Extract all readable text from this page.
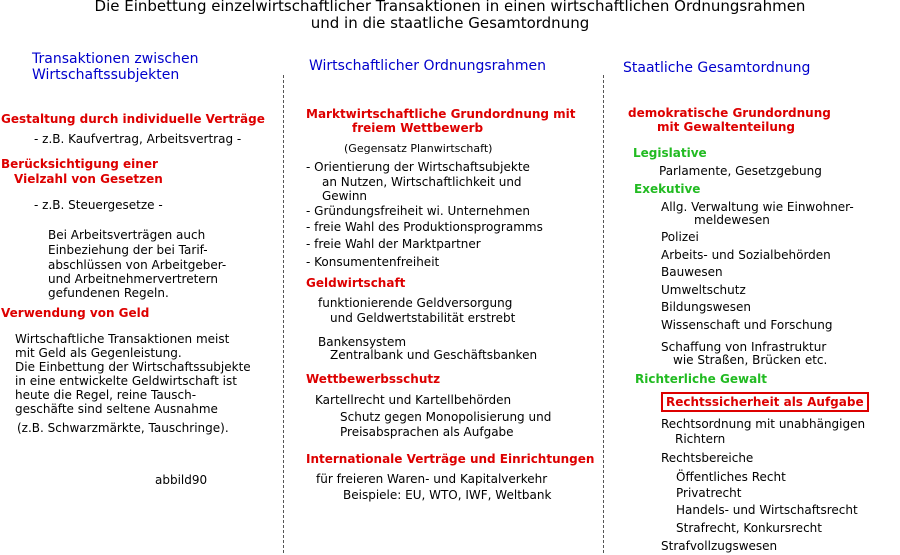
Die Einbettung einzelwirtschaftlicher Transaktionen in einen wirtschaftlichen Ordnungsrahmen
und in die staatliche Gesamtordnung
Transaktionen zwischen
Wirtschaftssubjekten
Gestaltung durch individuelle Verträge
- z.B. Kaufvertrag, Arbeitsvertrag -
Berücksichtigung einer
Vielzahl von Gesetzen
- z.B. Steuergesetze -
Bei Arbeitsverträgen auch
Einbeziehung der bei Tarif-
abschlüssen von Arbeitgeber-
und Arbeitnehmervertretern
gefundenen Regeln.
Verwendung von Geld
Wirtschaftliche Transaktionen meist
mit Geld als Gegenleistung.
Die Einbettung der Wirtschaftssubjekte
in eine entwickelte Geldwirtschaft ist
heute die Regel, reine Tausch-
geschäfte sind seltene Ausnahme
(z.B. Schwarzmärkte, Tauschringe).
abbild90
Wirtschaftlicher Ordnungsrahmen
Marktwirtschaftliche Grundordnung mit
freiem Wettbewerb
(Gegensatz Planwirtschaft)
- Orientierung der Wirtschaftsubjekte
an Nutzen, Wirtschaftlichkeit und
Gewinn
- Gründungsfreiheit wi. Unternehmen
- freie Wahl des Produktionsprogramms
- freie Wahl der Marktpartner
- Konsumentenfreiheit
Geldwirtschaft
funktionierende Geldversorgung
und Geldwertstabilität erstrebt
Bankensystem
Zentralbank und Geschäftsbanken
Wettbewerbsschutz
Kartellrecht und Kartellbehörden
Schutz gegen Monopolisierung und
Preisabsprachen als Aufgabe
Internationale Verträge und Einrichtungen
für freieren Waren- und Kapitalverkehr
Beispiele: EU, WTO, IWF, Weltbank
Staatliche Gesamtordnung
demokratische Grundordnung
mit Gewaltenteilung
Legislative
Parlamente, Gesetzgebung
Exekutive
Allg. Verwaltung wie Einwohner-
meldewesen
Polizei
Arbeits- und Sozialbehörden
Bauwesen
Umweltschutz
Bildungswesen
Wissenschaft und Forschung
Schaffung von Infrastruktur
wie Straßen, Brücken etc.
Richterliche Gewalt
Rechtssicherheit als Aufgabe
Rechtsordnung mit unabhängigen
Richtern
Rechtsbereiche
Öffentliches Recht
Privatrecht
Handels- und Wirtschaftsrecht
Strafrecht, Konkursrecht
Strafvollzugswesen
